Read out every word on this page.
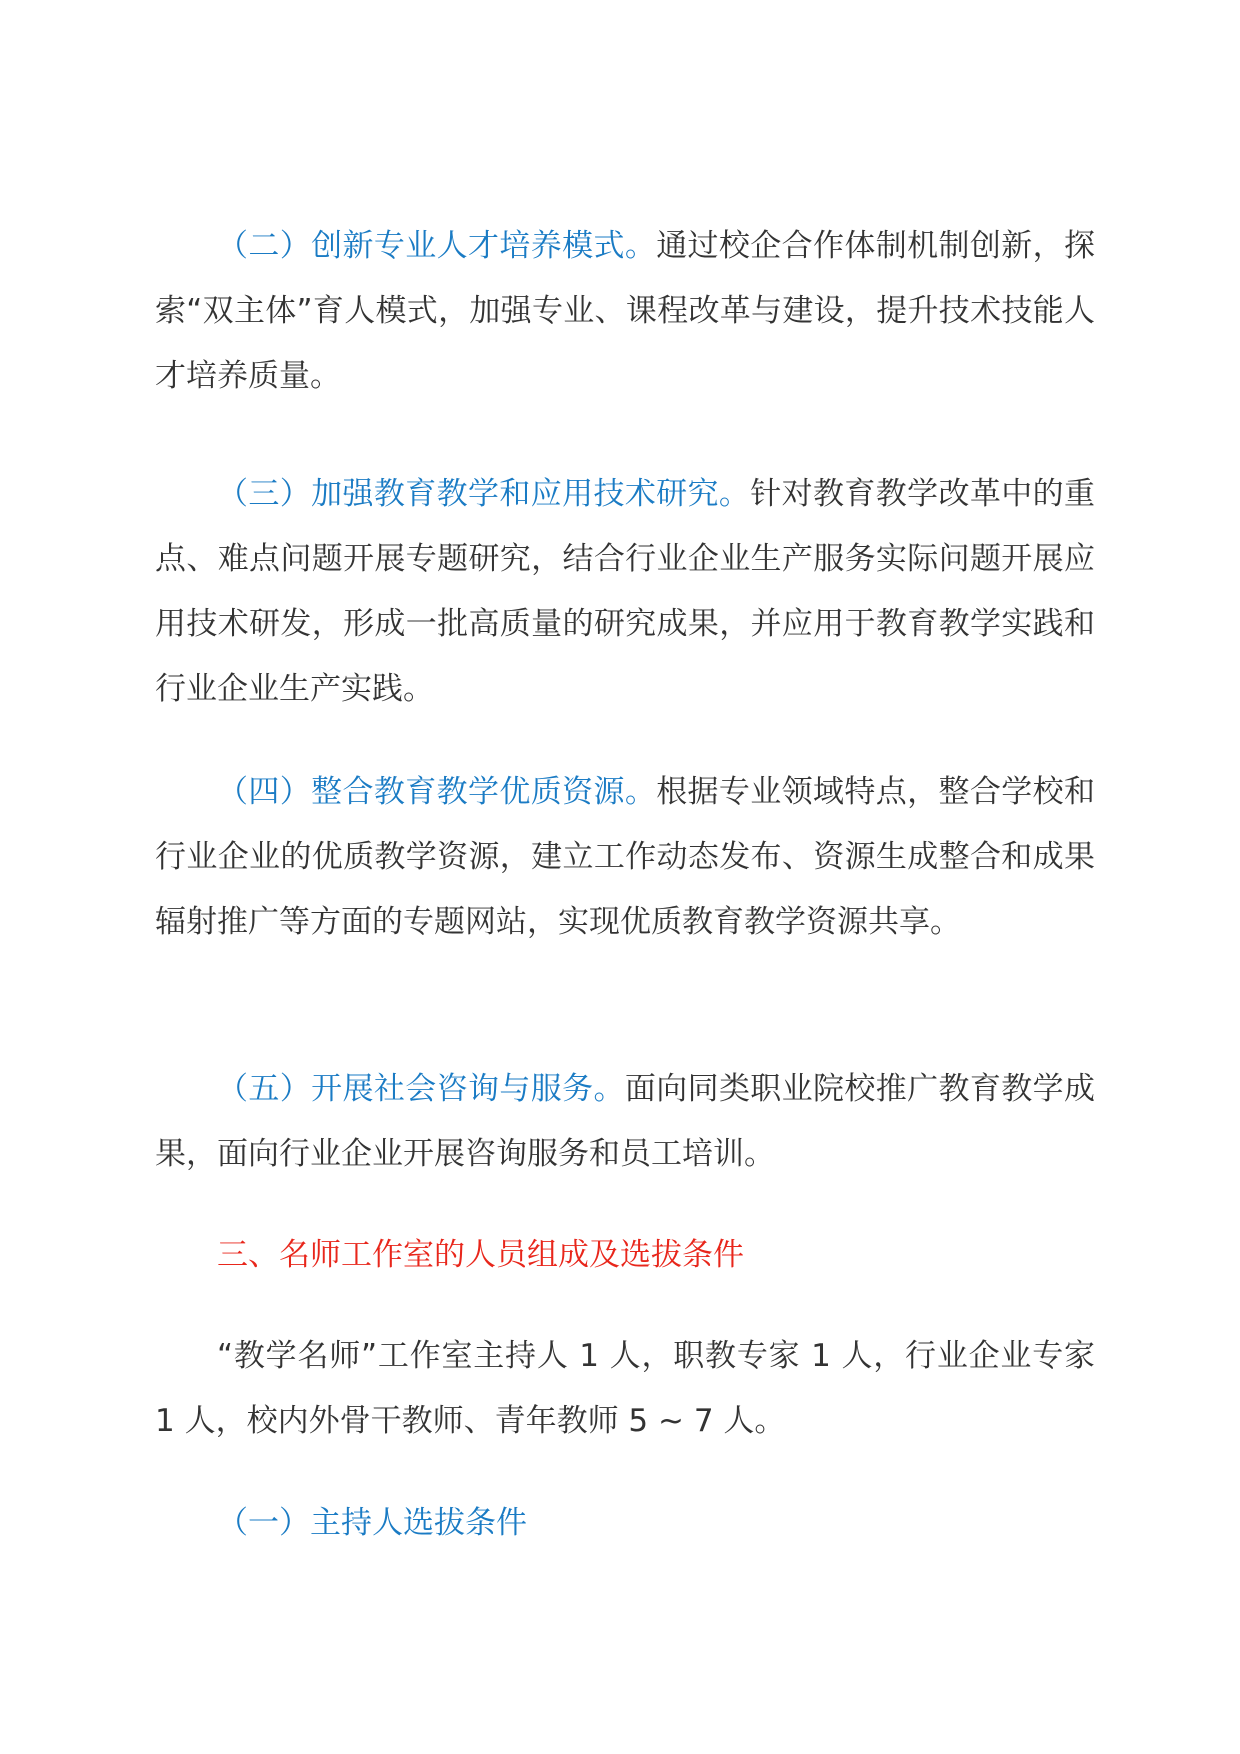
（二）创新专业人才培养模式。通过校企合作体制机制创新，探索“双主体”育人模式，加强专业、课程改革与建设，提升技术技能人才培养质量。

（三）加强教育教学和应用技术研究。针对教育教学改革中的重点、难点问题开展专题研究，结合行业企业生产服务实际问题开展应用技术研发，形成一批高质量的研究成果，并应用于教育教学实践和行业企业生产实践。

（四）整合教育教学优质资源。根据专业领域特点，整合学校和行业企业的优质教学资源，建立工作动态发布、资源生成整合和成果辐射推广等方面的专题网站，实现优质教育教学资源共享。

（五）开展社会咨询与服务。面向同类职业院校推广教育教学成果，面向行业企业开展咨询服务和员工培训。

三、名师工作室的人员组成及选拔条件

“教学名师”工作室主持人 1 人，职教专家 1 人，行业企业专家 1 人，校内外骨干教师、青年教师 5 ~ 7 人。

（一）主持人选拔条件
